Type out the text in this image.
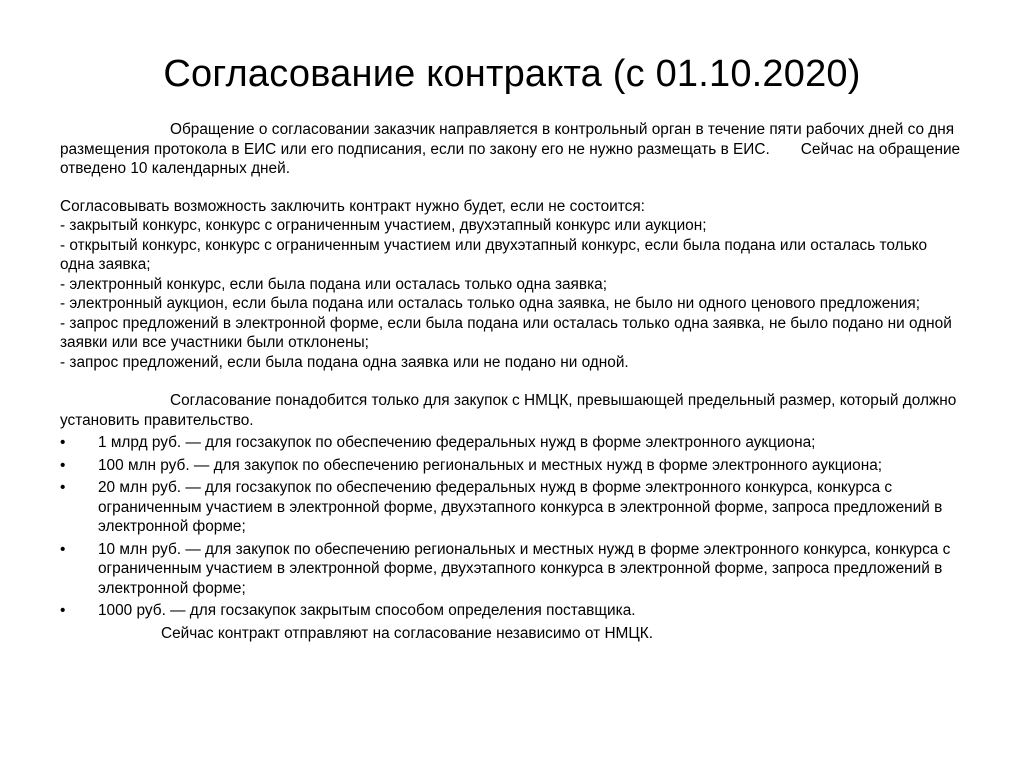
Согласование контракта (с 01.10.2020)

Обращение о согласовании заказчик направляется в контрольный орган в течение пяти рабочих дней со дня размещения протокола в ЕИС или его подписания, если по закону его не нужно размещать в ЕИС. Сейчас на обращение отведено 10 календарных дней.

Согласовывать возможность заключить контракт нужно будет, если не состоится:

- закрытый конкурс, конкурс с ограниченным участием, двухэтапный конкурс или аукцион;

- открытый конкурс, конкурс с ограниченным участием или двухэтапный конкурс, если была подана или осталась только одна заявка;

- электронный конкурс, если была подана или осталась только одна заявка;

- электронный аукцион, если была подана или осталась только одна заявка, не было ни одного ценового предложения;

- запрос предложений в электронной форме, если была подана или осталась только одна заявка, не было подано ни одной заявки или все участники были отклонены;

- запрос предложений, если была подана одна заявка или не подано ни одной.

Согласование понадобится только для закупок с НМЦК, превышающей предельный размер, который должно установить правительство.

• 1 млрд руб. — для госзакупок по обеспечению федеральных нужд в форме электронного аукциона;
• 100 млн руб. — для закупок по обеспечению региональных и местных нужд в форме электронного аукциона;
• 20 млн руб. — для госзакупок по обеспечению федеральных нужд в форме электронного конкурса, конкурса с ограниченным участием в электронной форме, двухэтапного конкурса в электронной форме, запроса предложений в электронной форме;
• 10 млн руб. — для закупок по обеспечению региональных и местных нужд в форме электронного конкурса, конкурса с ограниченным участием в электронной форме, двухэтапного конкурса в электронной форме, запроса предложений в электронной форме;
• 1000 руб. — для госзакупок закрытым способом определения поставщика.

Сейчас контракт отправляют на согласование независимо от НМЦК.
